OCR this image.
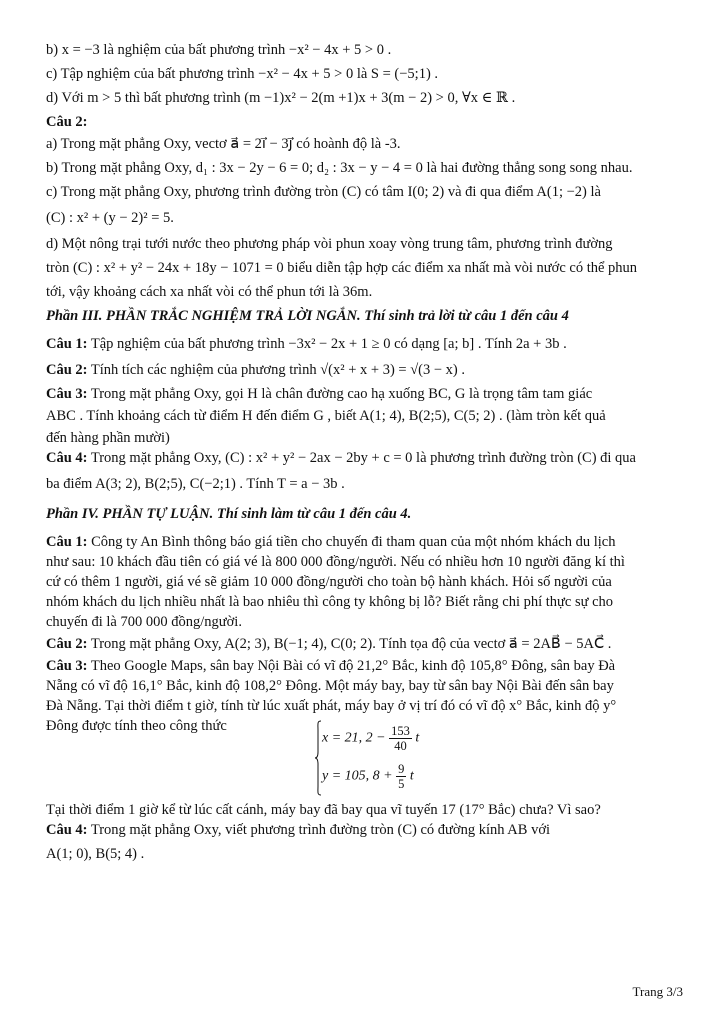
b) x = −3 là nghiệm của bất phương trình −x² − 4x + 5 > 0 .
c) Tập nghiệm của bất phương trình −x² − 4x + 5 > 0 là S = (−5;1) .
d) Với m > 5 thì bất phương trình (m −1)x² − 2(m +1)x + 3(m − 2) > 0, ∀x ∈ ℝ .
Câu 2:
a) Trong mặt phẳng Oxy, vectơ a⃗ = 2i⃗ − 3j⃗ có hoành độ là -3.
b) Trong mặt phẳng Oxy, d₁ : 3x − 2y − 6 = 0; d₂ : 3x − y − 4 = 0 là hai đường thẳng song song nhau.
c) Trong mặt phẳng Oxy, phương trình đường tròn (C) có tâm I(0; 2) và đi qua điểm A(1; −2) là
(C) : x² + (y − 2)² = 5.
d) Một nông trại tưới nước theo phương pháp vòi phun xoay vòng trung tâm, phương trình đường
tròn (C) : x² + y² − 24x + 18y − 1071 = 0 biểu diễn tập hợp các điểm xa nhất mà vòi nước có thể phun
tới, vậy khoảng cách xa nhất vòi có thể phun tới là 36m.
Phần III. PHẦN TRẮC NGHIỆM TRẢ LỜI NGẮN. Thí sinh trả lời từ câu 1 đến câu 4
Câu 1: Tập nghiệm của bất phương trình −3x² − 2x + 1 ≥ 0 có dạng [a; b] . Tính 2a + 3b .
Câu 2: Tính tích các nghiệm của phương trình √(x² + x + 3) = √(3 − x) .
Câu 3: Trong mặt phẳng Oxy, gọi H là chân đường cao hạ xuống BC, G là trọng tâm tam giác
ABC . Tính khoảng cách từ điểm H đến điểm G , biết A(1; 4), B(2;5), C(5; 2) . (làm tròn kết quả
đến hàng phần mười)
Câu 4: Trong mặt phẳng Oxy, (C) : x² + y² − 2ax − 2by + c = 0 là phương trình đường tròn (C) đi qua
ba điểm A(3; 2), B(2;5), C(−2;1) . Tính T = a − 3b .
Phần IV. PHẦN TỰ LUẬN. Thí sinh làm từ câu 1 đến câu 4.
Câu 1: Công ty An Bình thông báo giá tiền cho chuyến đi tham quan của một nhóm khách du lịch
như sau: 10 khách đầu tiên có giá vé là 800 000 đồng/người. Nếu có nhiều hơn 10 người đăng kí thì
cứ có thêm 1 người, giá vé sẽ giảm 10 000 đồng/người cho toàn bộ hành khách. Hỏi số người của
nhóm khách du lịch nhiều nhất là bao nhiêu thì công ty không bị lỗ? Biết rằng chi phí thực sự cho
chuyến đi là 700 000 đồng/người.
Câu 2: Trong mặt phẳng Oxy, A(2; 3), B(−1; 4), C(0; 2). Tính tọa độ của vectơ a⃗ = 2AB⃗ − 5AC⃗ .
Câu 3: Theo Google Maps, sân bay Nội Bài có vĩ độ 21,2° Bắc, kinh độ 105,8° Đông, sân bay Đà
Nẵng có vĩ độ 16,1° Bắc, kinh độ 108,2° Đông. Một máy bay, bay từ sân bay Nội Bài đến sân bay
Đà Nẵng. Tại thời điểm t giờ, tính từ lúc xuất phát, máy bay ở vị trí đó có vĩ độ x° Bắc, kinh độ y°
Đông được tính theo công thức
x = 21, $2 - \frac{153}{40}$ t
y = 105, $8 + \frac{9}{5}$ t
Tại thời điểm 1 giờ kể từ lúc cất cánh, máy bay đã bay qua vĩ tuyến 17 (17° Bắc) chưa? Vì sao?
Câu 4: Trong mặt phẳng Oxy, viết phương trình đường tròn (C) có đường kính AB với
A(1; 0), B(5; 4) .
Trang 3/3
